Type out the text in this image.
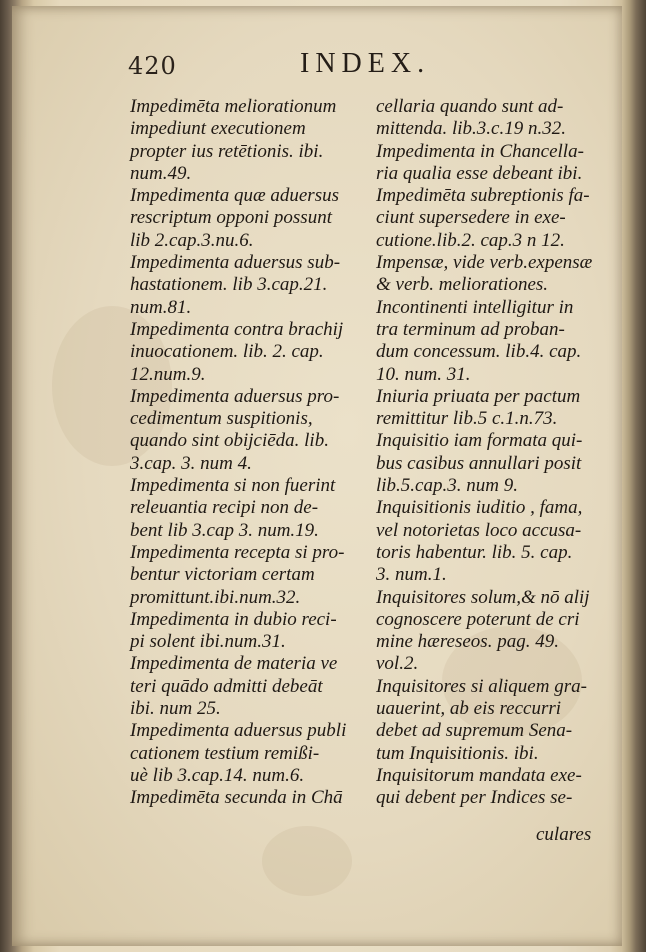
420	INDEX.

Impedimēta meliorationum
impediunt executionem
propter ius retētionis. ibi.
num.49.

Impedimenta quæ aduersus
rescriptum opponi possunt
lib 2.cap.3.nu.6.

Impedimenta aduersus sub-
hastationem. lib 3.cap.21.
num.81.

Impedimenta contra brachij
inuocationem. lib. 2. cap.
12.num.9.

Impedimenta aduersus pro-
cedimentum suspitionis,
quando sint obijciēda. lib.
3.cap. 3. num 4.

Impedimenta si non fuerint
releuantia recipi non de-
bent lib 3.cap 3. num.19.

Impedimenta recepta si pro-
bentur victoriam certam
promittunt.ibi.num.32.

Impedimenta in dubio reci-
pi solent ibi.num.31.

Impedimenta de materia ve
teri quādo admitti debeāt
ibi. num 25.

Impedimenta aduersus publi
cationem testium remißi-
uè lib 3.cap.14. num.6.

Impedimēta secunda in Chā

cellaria quando sunt ad-
mittenda. lib.3.c.19 n.32.

Impedimenta in Chancella-
ria qualia esse debeant ibi.

Impedimēta subreptionis fa-
ciunt supersedere in exe-
cutione.lib.2. cap.3 n 12.

Impensæ, vide verb.expensæ
& verb. meliorationes.

Incontinenti intelligitur in
tra terminum ad proban-
dum concessum. lib.4. cap.
10. num. 31.

Iniuria priuata per pactum
remittitur lib.5 c.1.n.73.

Inquisitio iam formata qui-
bus casibus annullari posit
lib.5.cap.3. num 9.

Inquisitionis iuditio , fama,
vel notorietas loco accusa-
toris habentur. lib. 5. cap.
3. num.1.

Inquisitores solum,& nō alij
cognoscere poterunt de cri
mine hæreseos. pag. 49.
vol.2.

Inquisitores si aliquem gra-
uauerint, ab eis reccurri
debet ad supremum Sena-
tum Inquisitionis. ibi.

Inquisitorum mandata exe-
qui debent per Indices se-

culares
